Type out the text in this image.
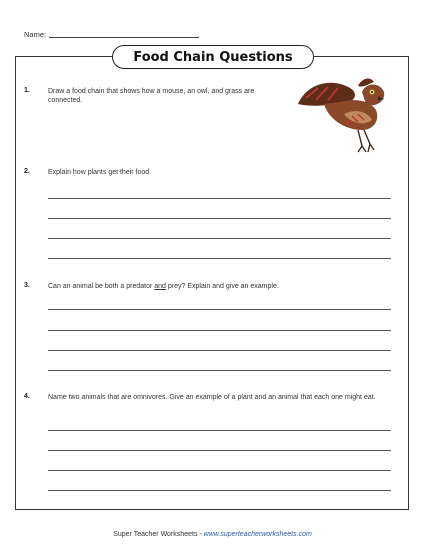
Name:
Food Chain Questions
1.	Draw a food chain that shows how a mouse, an owl, and grass are connected.
2.	Explain how plants get their food.
3.	Can an animal be both a predator and prey? Explain and give an example.
4.	Name two animals that are omnivores. Give an example of a plant and an animal that each one might eat.
Super Teacher Worksheets - www.superteacherworksheets.com
